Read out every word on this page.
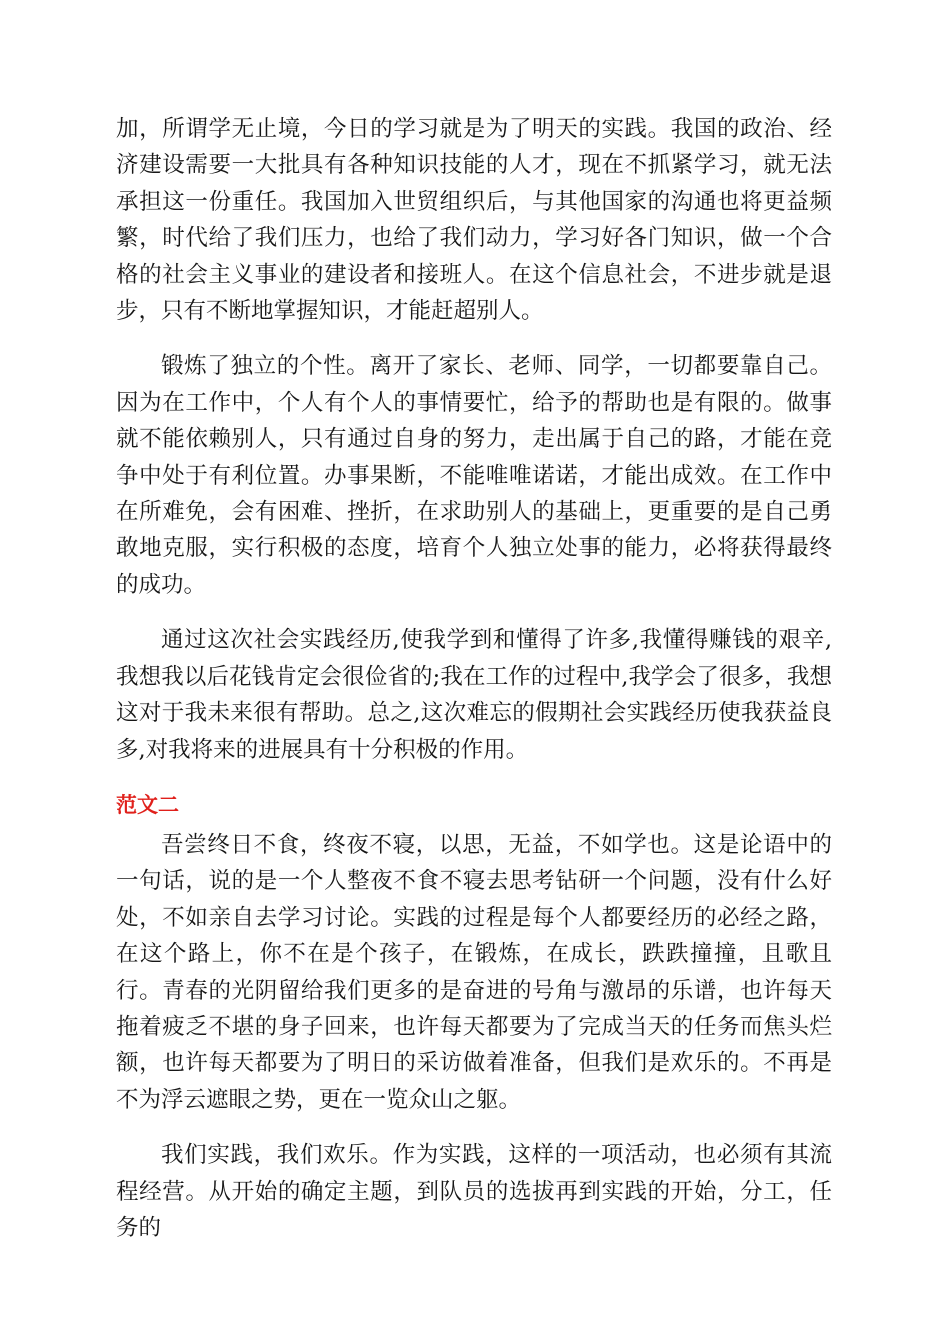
加，所谓学无止境，今日的学习就是为了明天的实践。我国的政治、经济建设需要一大批具有各种知识技能的人才，现在不抓紧学习，就无法承担这一份重任。我国加入世贸组织后，与其他国家的沟通也将更益频繁，时代给了我们压力，也给了我们动力，学习好各门知识，做一个合格的社会主义事业的建设者和接班人。在这个信息社会，不进步就是退步，只有不断地掌握知识，才能赶超别人。

锻炼了独立的个性。离开了家长、老师、同学，一切都要靠自己。因为在工作中，个人有个人的事情要忙，给予的帮助也是有限的。做事就不能依赖别人，只有通过自身的努力，走出属于自己的路，才能在竞争中处于有利位置。办事果断，不能唯唯诺诺，才能出成效。在工作中在所难免，会有困难、挫折，在求助别人的基础上，更重要的是自己勇敢地克服，实行积极的态度，培育个人独立处事的能力，必将获得最终的成功。

通过这次社会实践经历,使我学到和懂得了许多,我懂得赚钱的艰辛,我想我以后花钱肯定会很俭省的;我在工作的过程中,我学会了很多，我想这对于我未来很有帮助。总之,这次难忘的假期社会实践经历使我获益良多,对我将来的进展具有十分积极的作用。

范文二

吾尝终日不食，终夜不寝，以思，无益，不如学也。这是论语中的一句话，说的是一个人整夜不食不寝去思考钻研一个问题，没有什么好处，不如亲自去学习讨论。实践的过程是每个人都要经历的必经之路，在这个路上，你不在是个孩子，在锻炼，在成长，跌跌撞撞，且歌且行。青春的光阴留给我们更多的是奋进的号角与激昂的乐谱，也许每天拖着疲乏不堪的身子回来，也许每天都要为了完成当天的任务而焦头烂额，也许每天都要为了明日的采访做着准备，但我们是欢乐的。不再是不为浮云遮眼之势，更在一览众山之躯。

我们实践，我们欢乐。作为实践，这样的一项活动，也必须有其流程经营。从开始的确定主题，到队员的选拔再到实践的开始，分工，任务的
